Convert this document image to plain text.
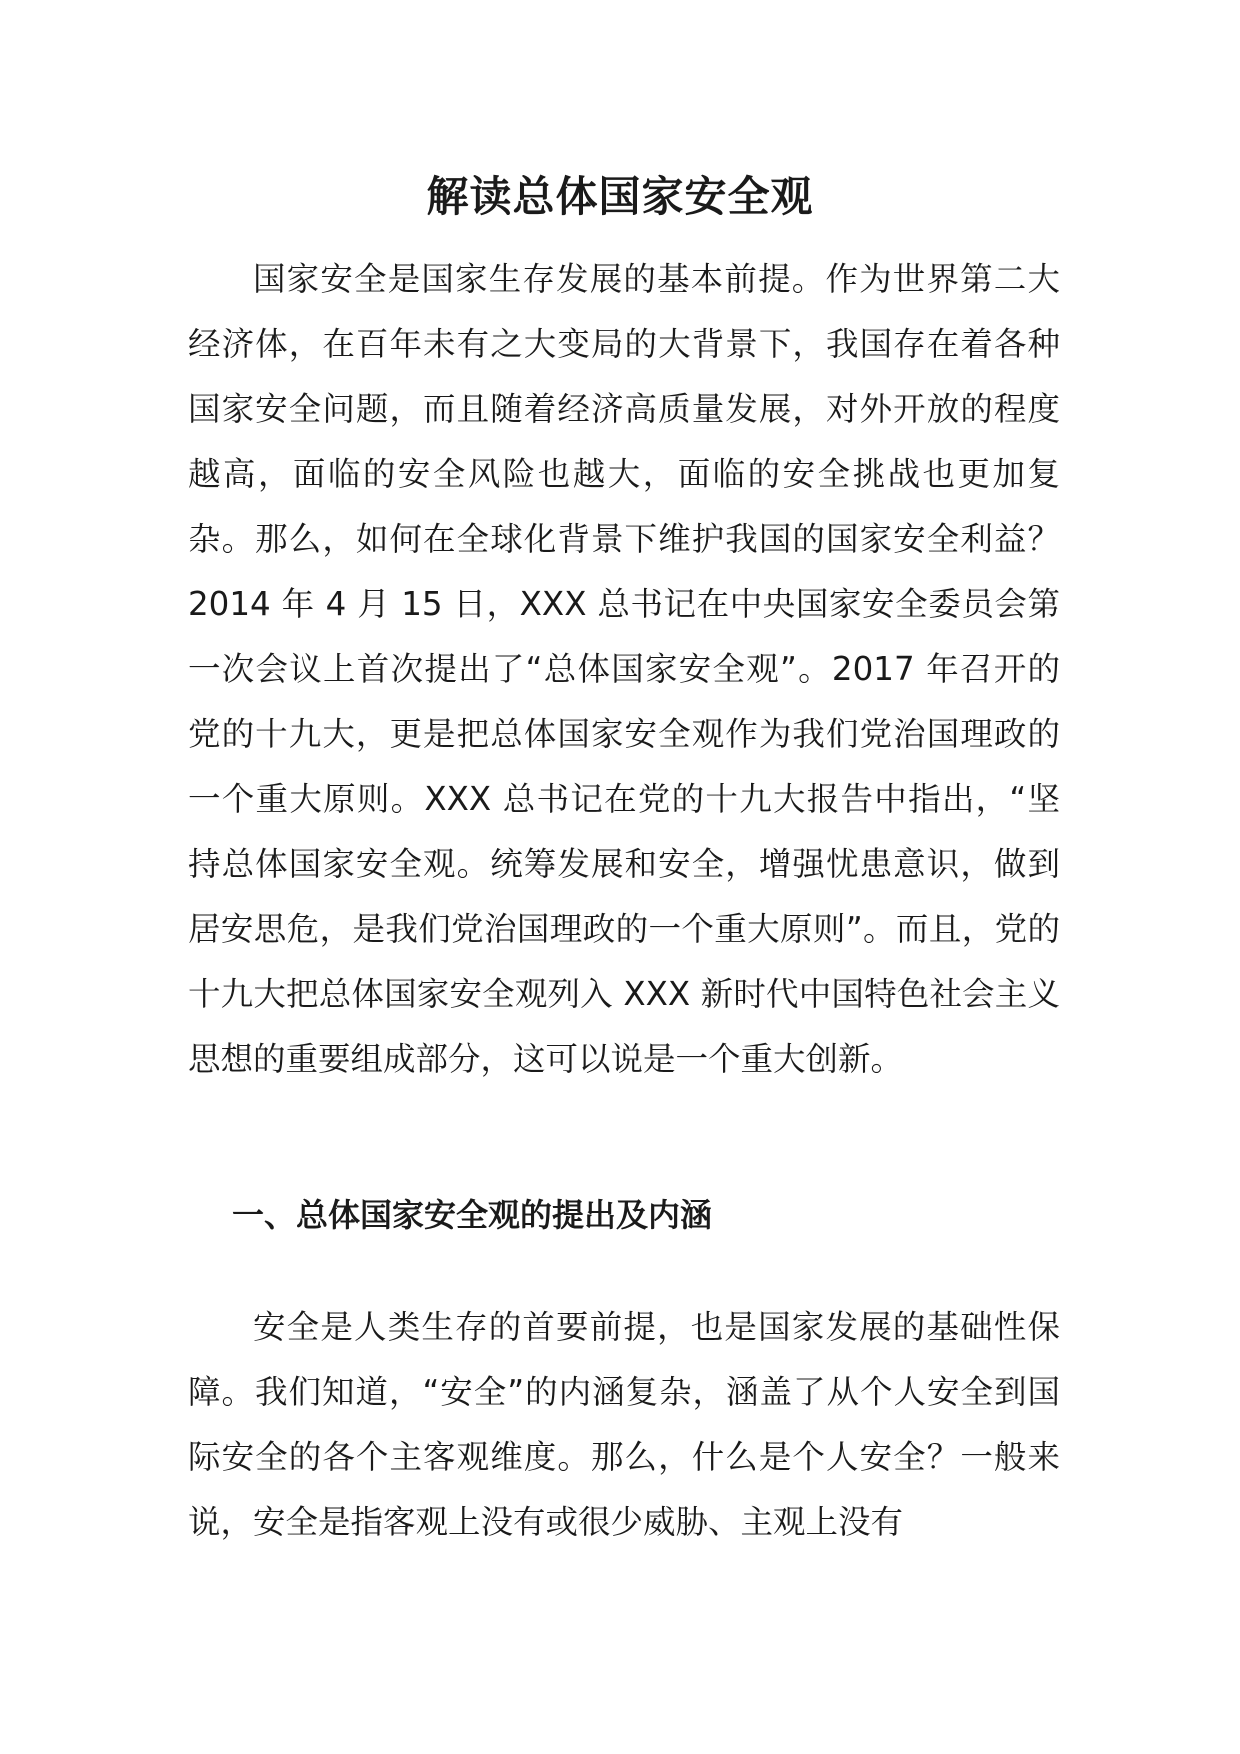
解读总体国家安全观

国家安全是国家生存发展的基本前提。作为世界第二大经济体，在百年未有之大变局的大背景下，我国存在着各种国家安全问题，而且随着经济高质量发展，对外开放的程度越高，面临的安全风险也越大，面临的安全挑战也更加复杂。那么，如何在全球化背景下维护我国的国家安全利益？2014 年 4 月 15 日，XXX 总书记在中央国家安全委员会第一次会议上首次提出了“总体国家安全观”。2017 年召开的党的十九大，更是把总体国家安全观作为我们党治国理政的一个重大原则。XXX 总书记在党的十九大报告中指出，“坚持总体国家安全观。统筹发展和安全，增强忧患意识，做到居安思危，是我们党治国理政的一个重大原则”。而且，党的十九大把总体国家安全观列入 XXX 新时代中国特色社会主义思想的重要组成部分，这可以说是一个重大创新。

一、总体国家安全观的提出及内涵

安全是人类生存的首要前提，也是国家发展的基础性保障。我们知道，“安全”的内涵复杂，涵盖了从个人安全到国际安全的各个主客观维度。那么，什么是个人安全？一般来说，安全是指客观上没有或很少威胁、主观上没有
